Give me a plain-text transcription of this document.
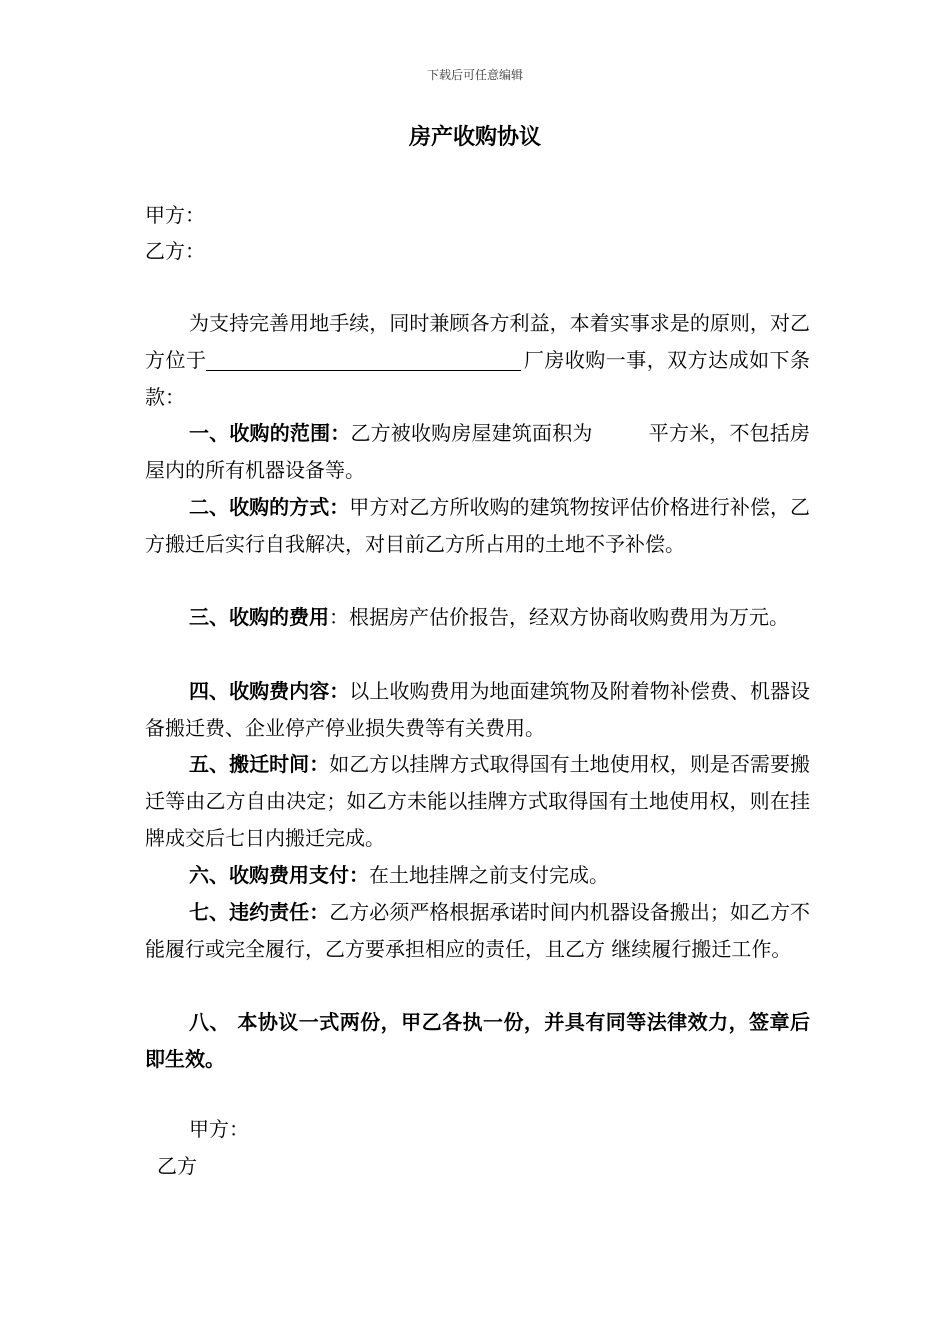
下载后可任意编辑
房产收购协议
甲方：
乙方：
为支持完善用地手续，同时兼顾各方利益，本着实事求是的原则，对乙方位于	厂房收购一事，双方达成如下条款：
一、收购的范围：乙方被收购房屋建筑面积为	平方米，不包括房屋内的所有机器设备等。
二、收购的方式：甲方对乙方所收购的建筑物按评估价格进行补偿，乙方搬迁后实行自我解决，对目前乙方所占用的土地不予补偿。
三、收购的费用：根据房产估价报告，经双方协商收购费用为万元。
四、收购费内容：以上收购费用为地面建筑物及附着物补偿费、机器设备搬迁费、企业停产停业损失费等有关费用。
五、搬迁时间：如乙方以挂牌方式取得国有土地使用权，则是否需要搬迁等由乙方自由决定；如乙方未能以挂牌方式取得国有土地使用权，则在挂牌成交后七日内搬迁完成。
六、收购费用支付：在土地挂牌之前支付完成。
七、违约责任：乙方必须严格根据承诺时间内机器设备搬出；如乙方不能履行或完全履行，乙方要承担相应的责任，且乙方 继续履行搬迁工作。
八、 本协议一式两份，甲乙各执一份，并具有同等法律效力，签章后即生效。
甲方：
乙方
